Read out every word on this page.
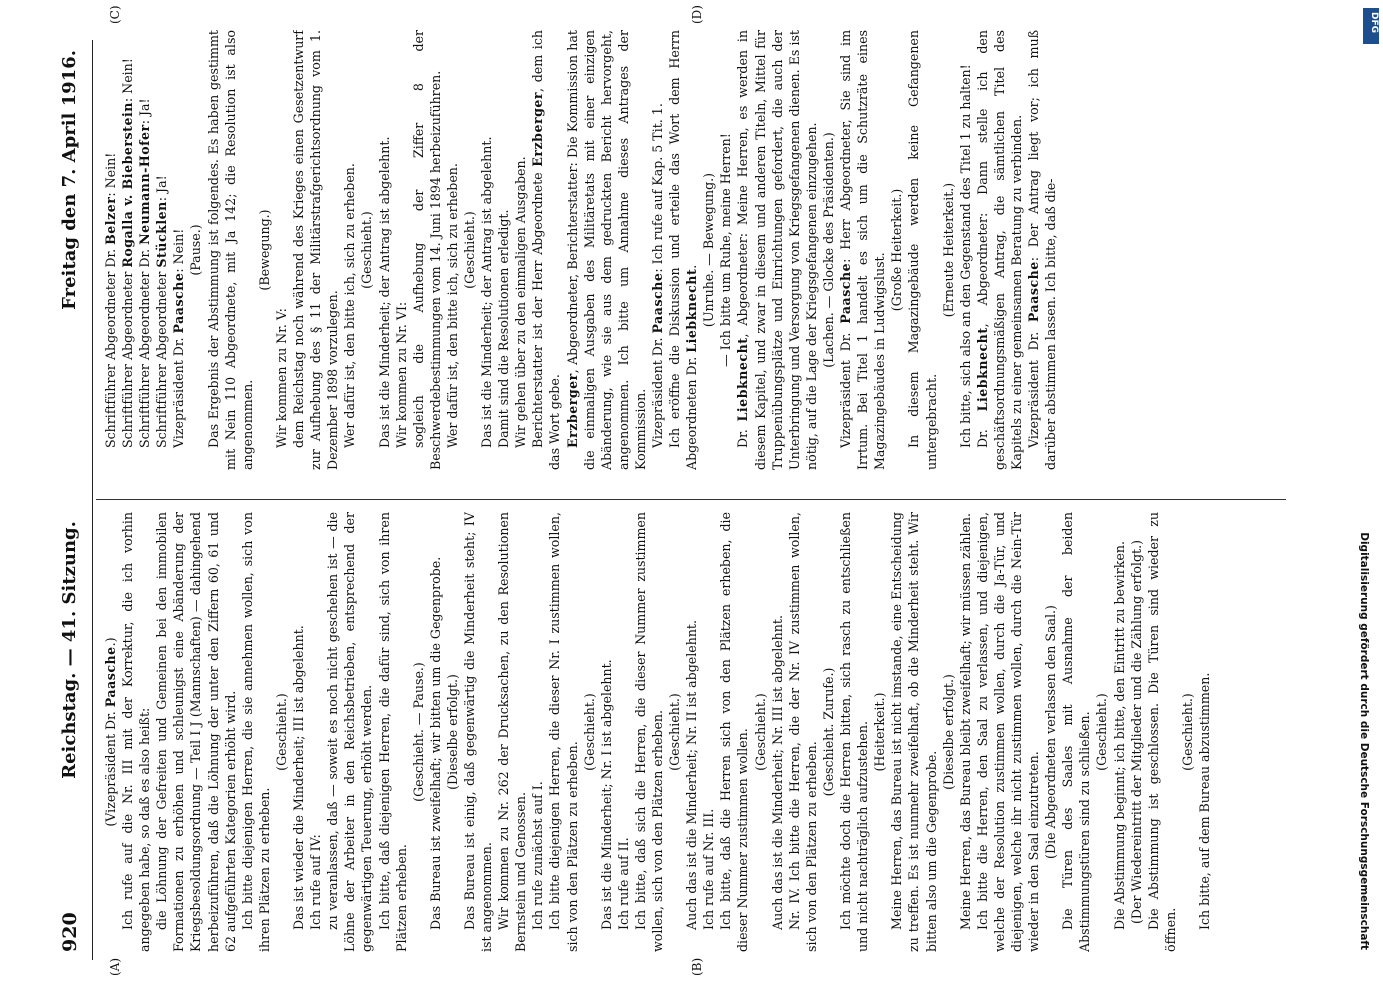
920
Reichstag. — 41. Sitzung.
Freitag den 7. April 1916.
(A)	(B)
(C)	(D)

(Vizepräsident Dr. Paasche.) Ich rufe auf die Nr. III mit der Korrektur, die ich vorhin angegeben habe, so daß es also heißt: die Löhnung der Gefreiten und Gemeinen bei den immobilen Formationen zu erhöhen und schleunigst eine Abänderung der Kriegsbesoldungsordnung — Teil I J (Mannschaften) — dahingehend herbeizuführen, daß die Löhnung der unter den Ziffern 60, 61 und 62 aufgeführten Kategorien erhöht wird. Ich bitte diejenigen Herren, die sie annehmen wollen, sich von ihren Plätzen zu erheben.

(Geschieht.) Das ist wieder die Minderheit; III ist abgelehnt. Ich rufe auf IV: zu veranlassen, daß — soweit es noch nicht geschehen ist — die Löhne der Arbeiter in den Reichsbetrieben, entsprechend der gegenwärtigen Teuerung, erhöht werden. Ich bitte, daß diejenigen Herren, die dafür sind, sich von ihren Plätzen erheben.

(Geschieht. — Pause.) Das Bureau ist zweifelhaft; wir bitten um die Gegenprobe. (Dieselbe erfolgt.) Das Bureau ist einig, daß gegenwärtig die Minderheit steht; IV ist angenommen. Wir kommen zu Nr. 262 der Drucksachen, zu den Resolutionen Bernstein und Genossen. Ich rufe zunächst auf I. Ich bitte diejenigen Herren, die dieser Nr. I zustimmen wollen, sich von den Plätzen zu erheben.

(Geschieht.) Das ist die Minderheit; Nr. I ist abgelehnt. Ich rufe auf II. Ich bitte, daß sich die Herren, die dieser Nummer zustimmen wollen, sich von den Plätzen erheben. (Geschieht.) Auch das ist die Minderheit; Nr. II ist abgelehnt. Ich rufe auf Nr. III. Ich bitte, daß die Herren sich von den Plätzen erheben, die dieser Nummer zustimmen wollen. (Geschieht.) Auch das ist die Minderheit; Nr. III ist abgelehnt. Nr. IV. Ich bitte die Herren, die der Nr. IV zustimmen wollen, sich von den Plätzen zu erheben.

(Geschieht. Zurufe.) Ich möchte doch die Herren bitten, sich rasch zu entschließen und nicht nachträglich aufzustehen. (Heiterkeit.) Meine Herren, das Bureau ist nicht imstande, eine Entscheidung zu treffen. Es ist nunmehr zweifelhaft, ob die Minderheit steht. Wir bitten also um die Gegenprobe.

(Dieselbe erfolgt.) Meine Herren, das Bureau bleibt zweifelhaft; wir müssen zählen. Ich bitte die Herren, den Saal zu verlassen, und diejenigen, welche der Resolution zustimmen wollen, durch die Ja-Tür, und diejenigen, welche ihr nicht zustimmen wollen, durch die Nein-Tür wieder in den Saal einzutreten. (Die Abgeordneten verlassen den Saal.) Die Türen des Saales mit Ausnahme der beiden Abstimmungstüren sind zu schließen. (Geschieht.) Die Abstimmung beginnt; ich bitte, den Eintritt zu bewirken. (Der Wiedereintritt der Mitglieder und die Zählung erfolgt.) Die Abstimmung ist geschlossen. Die Türen sind wieder zu öffnen.

(Geschieht.) Ich bitte, auf dem Bureau abzustimmen.

Schriftführer Abgeordneter Dr. Belzer: Nein!

Schriftführer Abgeordneter Rogalla v. Bieberstein: Nein!

Schriftführer Abgeordneter Dr. Neumann-Hofer: Ja!

Schriftführer Abgeordneter Stücklen: Ja!

Vizepräsident Dr. Paasche: Nein! (Pause.) Das Ergebnis der Abstimmung ist folgendes. Es haben gestimmt mit Nein 110 Abgeordnete, mit Ja 142; die Resolution ist also angenommen.

(Bewegung.)

Wir kommen zu Nr. V: dem Reichstag noch während des Krieges einen Gesetzentwurf zur Aufhebung des § 11 der Militärstrafgerichtsordnung vom 1. Dezember 1898 vorzulegen. Wer dafür ist, den bitte ich, sich zu erheben. (Geschieht.) Das ist die Minderheit; der Antrag ist abgelehnt. Wir kommen zu Nr. VI: sogleich die Aufhebung der Ziffer 8 der Beschwerdebestimmungen vom 14. Juni 1894 herbeizuführen. Wer dafür ist, den bitte ich, sich zu erheben. (Geschieht.) Das ist die Minderheit; der Antrag ist abgelehnt. Damit sind die Resolutionen erledigt. Wir gehen über zu den einmaligen Ausgaben. Berichterstatter ist der Herr Abgeordnete Erzberger, dem ich das Wort gebe. Erzberger, Abgeordneter, Berichterstatter: Die Kommission hat die einmaligen Ausgaben des Militäretats mit einer einzigen Abänderung, wie sie aus dem gedruckten Bericht hervorgeht, angenommen. Ich bitte um Annahme dieses Antrages der Kommission. Vizepräsident Dr. Paasche: Ich rufe auf Kap. 5 Tit. 1. Ich eröffne die Diskussion und erteile das Wort dem Herrn Abgeordneten Dr. Liebknecht. (Unruhe. — Bewegung.) — Ich bitte um Ruhe, meine Herren!

Dr. Liebknecht, Abgeordneter: Meine Herren, es werden in diesem Kapitel, und zwar in diesem und anderen Titeln, Mittel für Truppenübungsplätze und Einrichtungen gefordert, die auch der Unterbringung und Versorgung von Kriegsgefangenen dienen. Es ist nötig, auf die Lage der Kriegsgefangenen einzugehen. (Lachen. — Glocke des Präsidenten.)

Vizepräsident Dr. Paasche: Herr Abgeordneter, Sie sind im Irrtum. Bei Titel 1 handelt es sich um die Schutzräte eines Magazingebäudes in Ludwigslust.

(Große Heiterkeit.) In diesem Magazingebäude werden keine Gefangenen untergebracht.

(Erneute Heiterkeit.) Ich bitte, sich also an den Gegenstand des Titel 1 zu halten! Dr. Liebknecht, Abgeordneter: Dann stelle ich den geschäftsordnungsmäßigen Antrag, die sämtlichen Titel des Kapitels zu einer gemeinsamen Beratung zu verbinden. Vizepräsident Dr. Paasche: Der Antrag liegt vor; ich muß darüber abstimmen lassen. Ich bitte, daß die-

Digitalisierung gefördert durch die Deutsche Forschungsgemeinschaft
DFG
